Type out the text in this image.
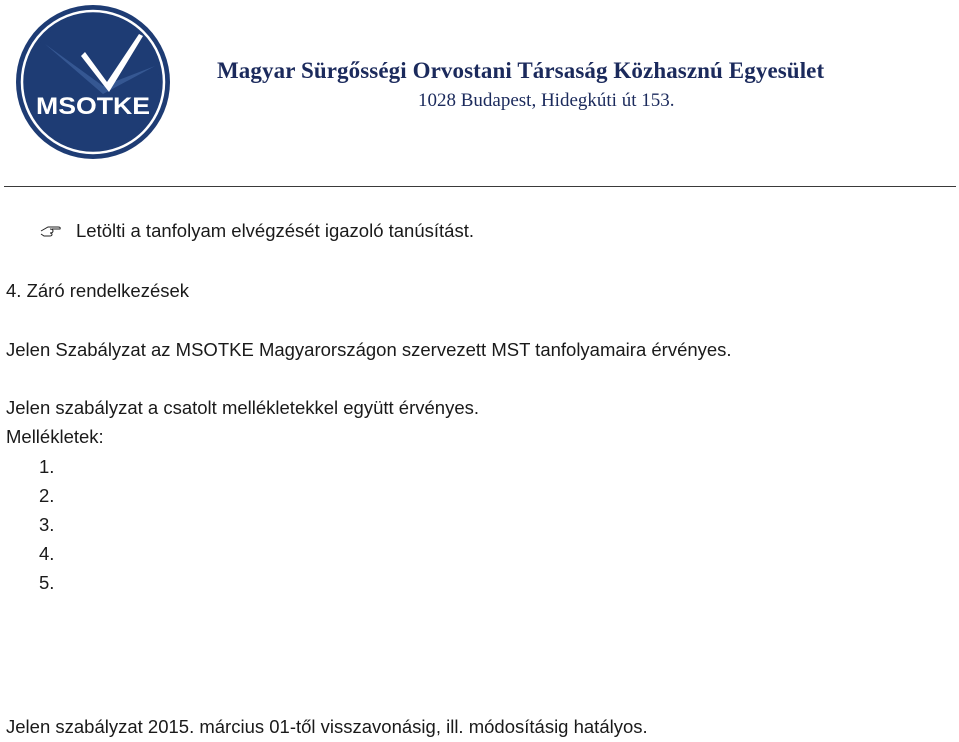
MSOTKE
Magyar Sürgősségi Orvostani Társaság Közhasznú Egyesület
1028 Budapest, Hidegkúti út 153.
Letölti a tanfolyam elvégzését igazoló tanúsítást.
4. Záró rendelkezések
Jelen Szabályzat az MSOTKE Magyarországon szervezett MST tanfolyamaira érvényes.
Jelen szabályzat a csatolt mellékletekkel együtt érvényes.
Mellékletek:
1.
2.
3.
4.
5.
Jelen szabályzat 2015. március 01-től visszavonásig, ill. módosításig hatályos.
